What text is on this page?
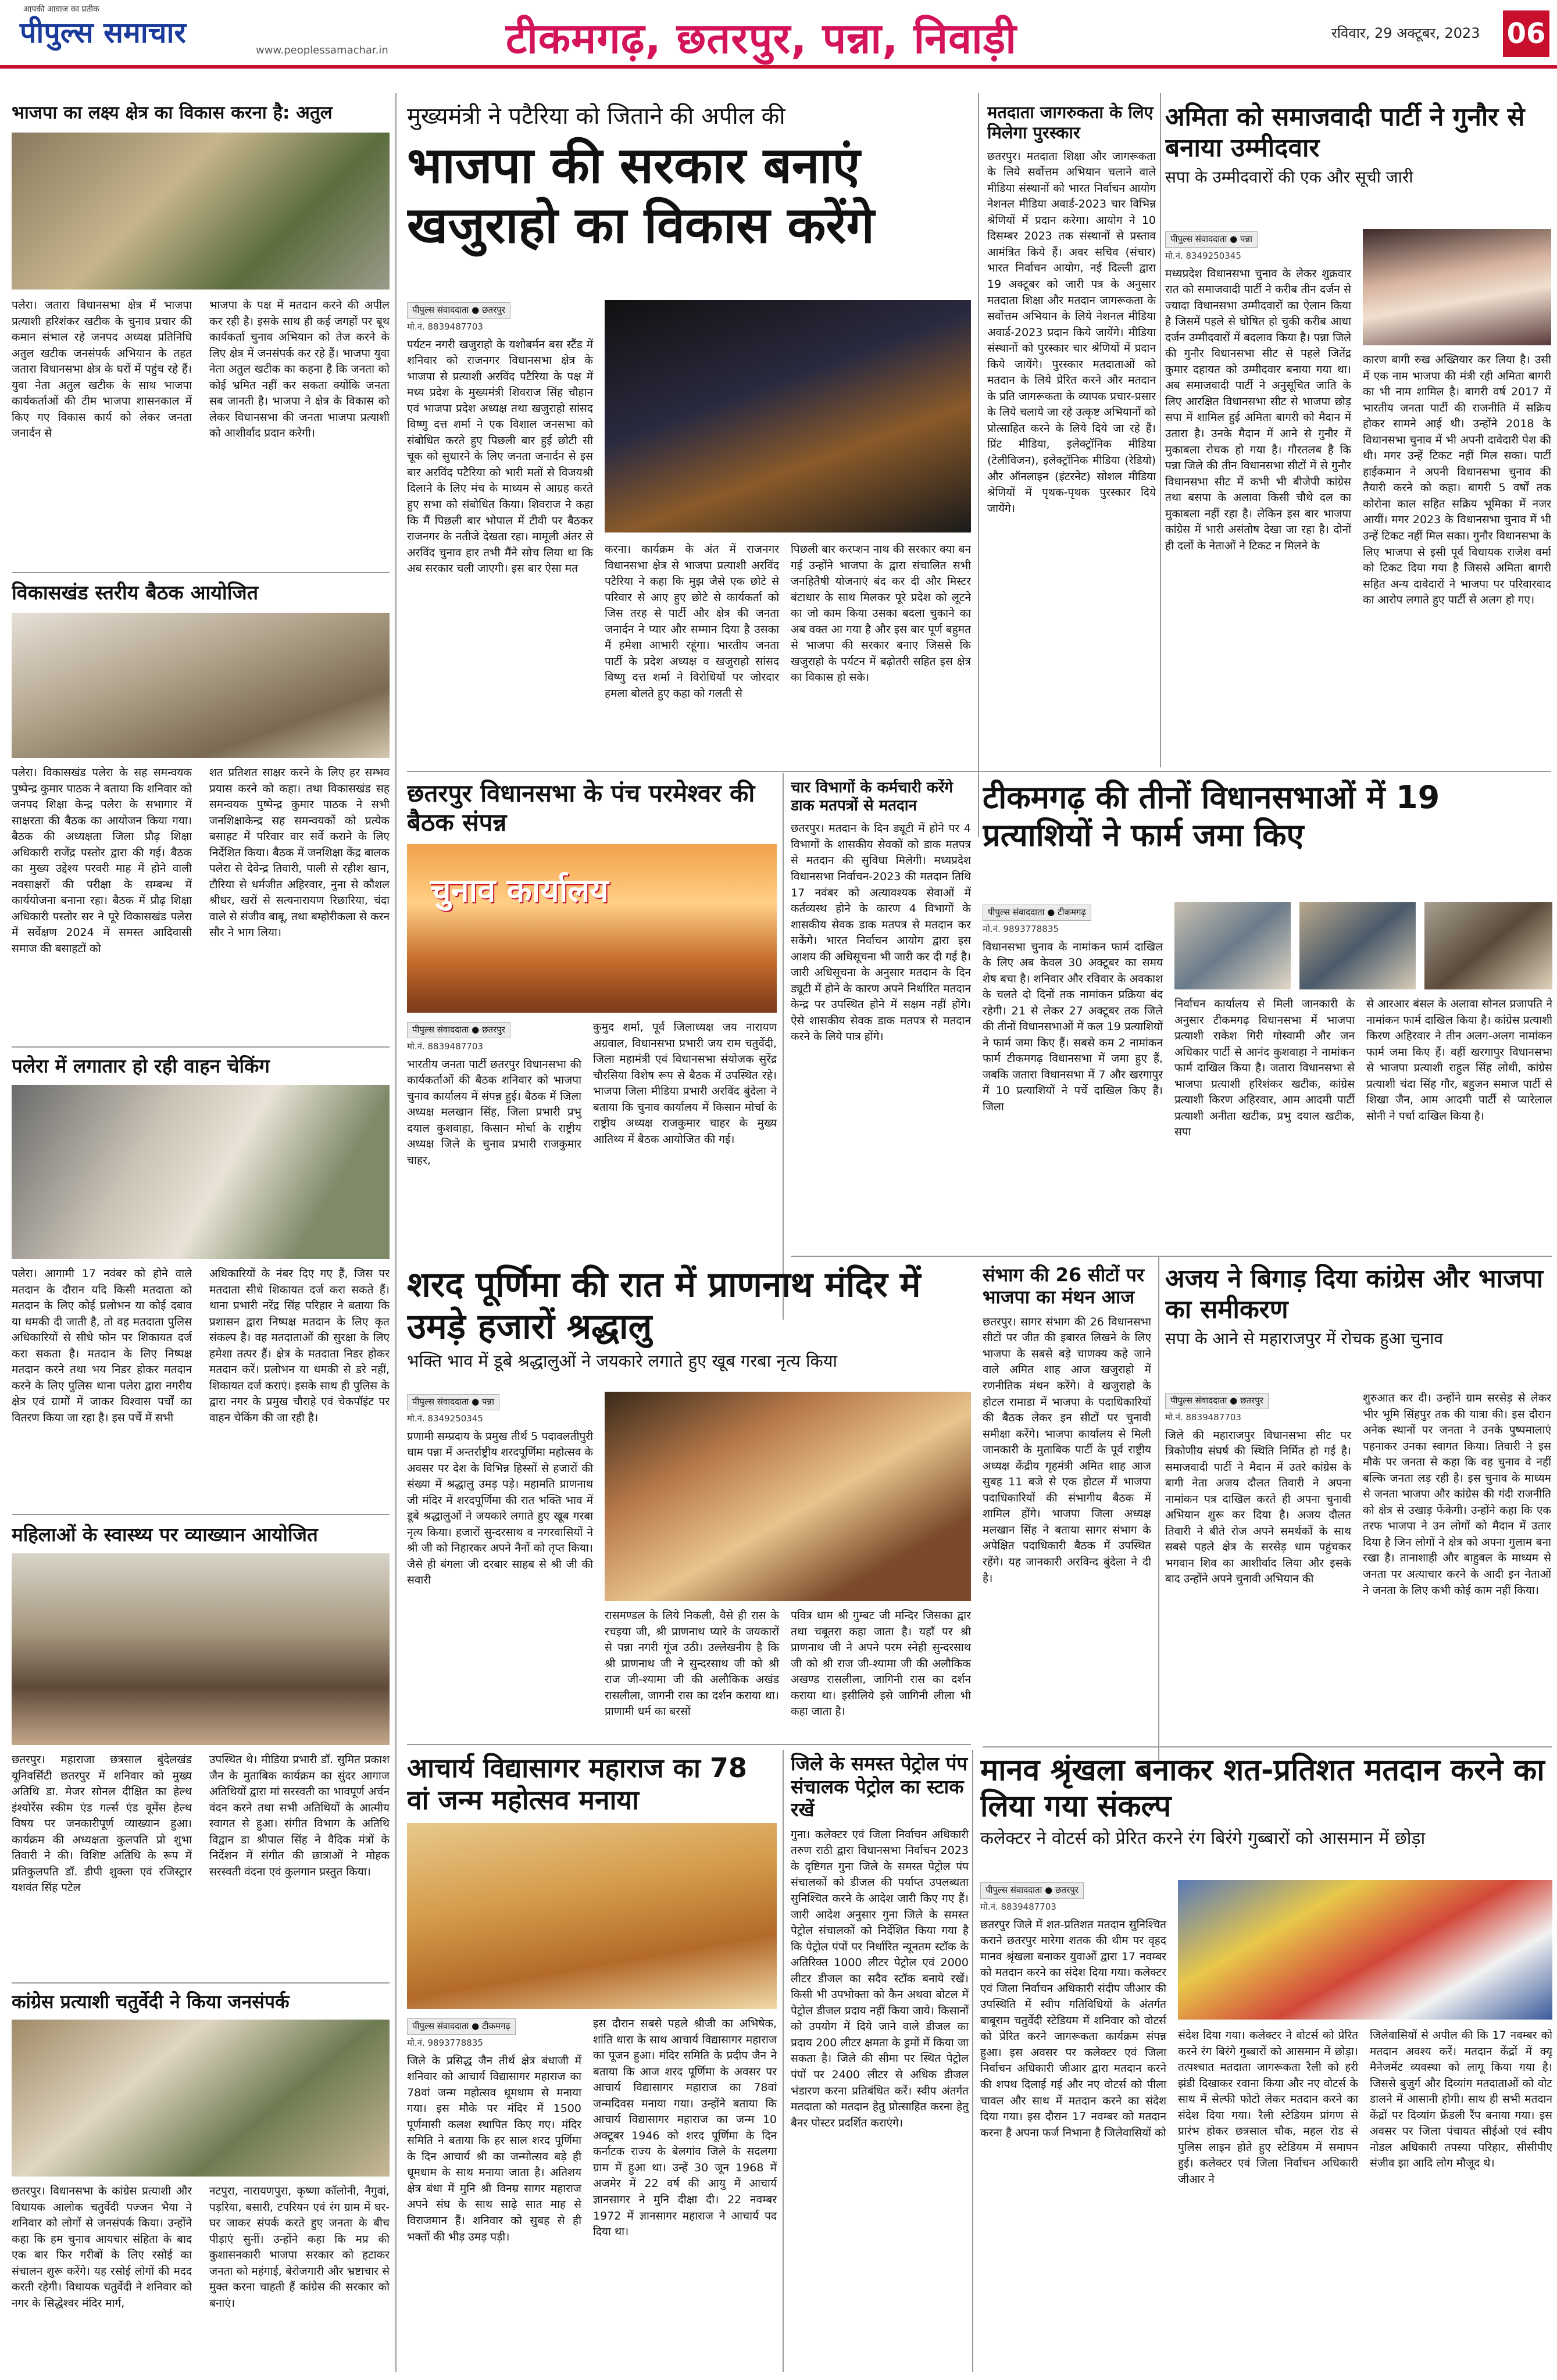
आपकी आवाज का प्रतीक
पीपुल्स समाचार
www.peoplessamachar.in	टीकमगढ़, छतरपुर, पन्ना, निवाड़ी	रविवार, 29 अक्टूबर, 2023 06
भाजपा का लक्ष्य क्षेत्र का विकास करना है: अतुल
पलेरा। जतारा विधानसभा क्षेत्र में भाजपा प्रत्याशी हरिशंकर खटीक के चुनाव प्रचार की कमान संभाल रहे जनपद अध्यक्ष प्रतिनिधि अतुल खटीक जनसंपर्क अभियान के तहत जतारा विधानसभा क्षेत्र के घरों में पहुंच रहे हैं। युवा नेता अतुल खटीक के साथ भाजपा कार्यकर्ताओं की टीम भाजपा शासनकाल में किए गए विकास कार्य को लेकर जनता जनार्दन से
भाजपा के पक्ष में मतदान करने की अपील कर रही है। इसके साथ ही कई जगहों पर बूथ कार्यकर्ता चुनाव अभियान को तेज करने के लिए क्षेत्र में जनसंपर्क कर रहे हैं। भाजपा युवा नेता अतुल खटीक का कहना है कि जनता को कोई भ्रमित नहीं कर सकता क्योंकि जनता सब जानती है। भाजपा ने क्षेत्र के विकास को लेकर विधानसभा की जनता भाजपा प्रत्याशी को आशीर्वाद प्रदान करेगी।
विकासखंड स्तरीय बैठक आयोजित
पलेरा। विकासखंड पलेरा के सह समन्वयक पुष्पेन्द्र कुमार पाठक ने बताया कि शनिवार को जनपद शिक्षा केन्द्र पलेरा के सभागार में साक्षरता की बैठक का आयोजन किया गया। बैठक की अध्यक्षता जिला प्रौढ़ शिक्षा अधिकारी राजेंद्र पस्तोर द्वारा की गई। बैठक का मुख्य उद्देश्य परवरी माह में होने वाली नवसाक्षरों की परीक्षा के सम्बन्ध में कार्ययोजना बनाना रहा। बैठक में प्रौढ़ शिक्षा अधिकारी पस्तोर सर ने पूरे विकासखंड पलेरा में सर्वेक्षण 2024 में समस्त आदिवासी समाज की बसाहटों को
शत प्रतिशत साक्षर करने के लिए हर सम्भव प्रयास करने को कहा। तथा विकासखंड सह समन्वयक पुष्पेन्द्र कुमार पाठक ने सभी जनशिक्षाकेन्द्र सह समन्वयकों को प्रत्येक बसाहट में परिवार वार सर्वे कराने के लिए निर्देशित किया। बैठक में जनशिक्षा केंद्र बालक पलेरा से देवेन्द्र तिवारी, पाली से रहीश खान, टौरिया से धर्मजीत अहिरवार, नुना से कौशल श्रीधर, खरों से सत्यनारायण रिछारिया, चंदा वाले से संजीव बाबू, तथा बम्होरीकला से करन सौर ने भाग लिया।
पलेरा में लगातार हो रही वाहन चेकिंग
पलेरा। आगामी 17 नवंबर को होने वाले मतदान के दौरान यदि किसी मतदाता को मतदान के लिए कोई प्रलोभन या कोई दबाव या धमकी दी जाती है, तो वह मतदाता पुलिस अधिकारियों से सीधे फोन पर शिकायत दर्ज करा सकता है। मतदान के लिए निष्पक्ष मतदान करने तथा भय निडर होकर मतदान करने के लिए पुलिस थाना पलेरा द्वारा नगरीय क्षेत्र एवं ग्रामों में जाकर विश्वास पर्चों का वितरण किया जा रहा है। इस पर्चे में सभी
अधिकारियों के नंबर दिए गए हैं, जिस पर मतदाता सीधे शिकायत दर्ज करा सकते हैं। थाना प्रभारी नरेंद्र सिंह परिहार ने बताया कि प्रशासन द्वारा निष्पक्ष मतदान के लिए कृत संकल्प है। वह मतदाताओं की सुरक्षा के लिए हमेशा तत्पर हैं। क्षेत्र के मतदाता निडर होकर मतदान करें। प्रलोभन या धमकी से डरे नहीं, शिकायत दर्ज कराएं। इसके साथ ही पुलिस के द्वारा नगर के प्रमुख चौराहे एवं चेकपॉइंट पर वाहन चेकिंग की जा रही है।
महिलाओं के स्वास्थ्य पर व्याख्यान आयोजित
छतरपुर। महाराजा छत्रसाल बुंदेलखंड यूनिवर्सिटी छतरपुर में शनिवार को मुख्य अतिथि डा. मेजर सोनल दीक्षित का हेल्थ इंश्योरेंस स्कीम एंड गर्ल्स एंड वूमेंस हेल्थ विषय पर जनकारीपूर्ण व्याख्यान हुआ। कार्यक्रम की अध्यक्षता कुलपति प्रो शुभा तिवारी ने की। विशिष्ट अतिथि के रूप में प्रतिकुलपति डॉ. डीपी शुक्ला एवं रजिस्ट्रार यशवंत सिंह पटेल
उपस्थित थे। मीडिया प्रभारी डॉ. सुमित प्रकाश जैन के मुताबिक कार्यक्रम का सुंदर आगाज अतिथियों द्वारा मां सरस्वती का भावपूर्ण अर्चन वंदन करने तथा सभी अतिथियों के आत्मीय स्वागत से हुआ। संगीत विभाग के अतिथि विद्वान डा श्रीपाल सिंह ने वैदिक मंत्रों के निर्देशन में संगीत की छात्राओं ने मोहक सरस्वती वंदना एवं कुलगान प्रस्तुत किया।
कांग्रेस प्रत्याशी चतुर्वेदी ने किया जनसंपर्क
छतरपुर। विधानसभा के कांग्रेस प्रत्याशी और विधायक आलोक चतुर्वेदी पज्जन भैया ने शनिवार को लोगों से जनसंपर्क किया। उन्होंने कहा कि हम चुनाव आयचार संहिता के बाद एक बार फिर गरीबों के लिए रसोई का संचालन शुरू करेंगे। यह रसोई लोगों की मदद करती रहेगी। विधायक चतुर्वेदी ने शनिवार को नगर के सिद्धेश्वर मंदिर मार्ग,
नटपुरा, नारायणपुरा, कृष्णा कॉलोनी, नैगुवां, पड़रिया, बसारी, टपरियन एवं रंग ग्राम में घर-घर जाकर संपर्क करते हुए जनता के बीच पीड़ाएं सुनीं। उन्होंने कहा कि मप्र की कुशासनकारी भाजपा सरकार को हटाकर जनता को महंगाई, बेरोजगारी और भ्रष्टाचार से मुक्त करना चाहती हैं कांग्रेस की सरकार को बनाएं।
मुख्यमंत्री ने पटैरिया को जिताने की अपील की
भाजपा की सरकार बनाएं खजुराहो का विकास करेंगे
पीपुल्स संवाददाता ● छतरपुर
मो.नं. 8839487703
पर्यटन नगरी खजुराहो के यशोबर्मन बस स्टैंड में शनिवार को राजनगर विधानसभा क्षेत्र के भाजपा से प्रत्याशी अरविंद पटैरिया के पक्ष में मध्य प्रदेश के मुख्यमंत्री शिवराज सिंह चौहान एवं भाजपा प्रदेश अध्यक्ष तथा खजुराहो सांसद विष्णु दत्त शर्मा ने एक विशाल जनसभा को संबोधित करते हुए पिछली बार हुई छोटी सी चूक को सुधारने के लिए जनता जनार्दन से इस बार अरविंद पटैरिया को भारी मतों से विजयश्री दिलाने के लिए मंच के माध्यम से आग्रह करते हुए सभा को संबोधित किया। शिवराज ने कहा कि मैं पिछली बार भोपाल में टीवी पर बैठकर राजनगर के नतीजे देखता रहा। मामूली अंतर से अरविंद चुनाव हार तभी मैंने सोच लिया था कि अब सरकार चली जाएगी। इस बार ऐसा मत
करना। कार्यक्रम के अंत में राजनगर विधानसभा क्षेत्र से भाजपा प्रत्याशी अरविंद पटैरिया ने कहा कि मुझ जैसे एक छोटे से परिवार से आए हुए छोटे से कार्यकर्ता को जिस तरह से पार्टी और क्षेत्र की जनता जनार्दन ने प्यार और सम्मान दिया है उसका मैं हमेशा आभारी रहूंगा। भारतीय जनता पार्टी के प्रदेश अध्यक्ष व खजुराहो सांसद विष्णु दत्त शर्मा ने विरोधियों पर जोरदार हमला बोलते हुए कहा को गलती से
पिछली बार करप्शन नाथ की सरकार क्या बन गई उन्होंने भाजपा के द्वारा संचालित सभी जनहितैषी योजनाएं बंद कर दी और मिस्टर बंटाधार के साथ मिलकर पूरे प्रदेश को लूटने का जो काम किया उसका बदला चुकाने का अब वक्त आ गया है और इस बार पूर्ण बहुमत से भाजपा की सरकार बनाए जिससे कि खजुराहो के पर्यटन में बढ़ोतरी सहित इस क्षेत्र का विकास हो सके।
छतरपुर विधानसभा के पंच परमेश्वर की बैठक संपन्न
चुनाव कार्यालय
पीपुल्स संवाददाता ● छतरपुर
मो.नं. 8839487703
भारतीय जनता पार्टी छतरपुर विधानसभा की कार्यकर्ताओं की बैठक शनिवार को भाजपा चुनाव कार्यालय में संपन्न हुई। बैठक में जिला अध्यक्ष मलखान सिंह, जिला प्रभारी प्रभु दयाल कुशवाहा, किसान मोर्चा के राष्ट्रीय अध्यक्ष जिले के चुनाव प्रभारी राजकुमार चाहर,
कुमुद शर्मा, पूर्व जिलाध्यक्ष जय नारायण अग्रवाल, विधानसभा प्रभारी जय राम चतुर्वेदी, जिला महामंत्री एवं विधानसभा संयोजक सुरेंद्र चौरसिया विशेष रूप से बैठक में उपस्थित रहे। भाजपा जिला मीडिया प्रभारी अरविंद बुंदेला ने बताया कि चुनाव कार्यालय में किसान मोर्चा के राष्ट्रीय अध्यक्ष राजकुमार चाहर के मुख्य आतिथ्य में बैठक आयोजित की गई।
शरद पूर्णिमा की रात में प्राणनाथ मंदिर में उमड़े हजारों श्रद्धालु
भक्ति भाव में डूबे श्रद्धालुओं ने जयकारे लगाते हुए खूब गरबा नृत्य किया
पीपुल्स संवाददाता ● पन्ना
मो.नं. 8349250345
प्रणामी सम्प्रदाय के प्रमुख तीर्थ 5 पदावलतीपुरी धाम पन्ना में अन्तर्राष्ट्रीय शरदपूर्णिमा महोत्सव के अवसर पर देश के विभिन्न हिस्सों से हजारों की संख्या में श्रद्धालु उमड़ पड़े। महामति प्राणनाथ जी मंदिर में शरदपूर्णिमा की रात भक्ति भाव में डूबे श्रद्धालुओं ने जयकारे लगाते हुए खूब गरबा नृत्य किया। हजारों सुन्दरसाथ व नगरवासियों ने श्री जी को निहारकर अपने नैनों को तृप्त किया। जैसे ही बंगला जी दरबार साहब से श्री जी की सवारी
रासमण्डल के लिये निकली, वैसे ही रास के रचइया जी, श्री प्राणनाथ प्यारे के जयकारों से पन्ना नगरी गूंज उठी। उल्लेखनीय है कि श्री प्राणनाथ जी ने सुन्दरसाथ जी को श्री राज जी-श्यामा जी की अलौकिक अखंड रासलीला, जागनी रास का दर्शन कराया था। प्राणामी धर्म का बरसों
पवित्र धाम श्री गुम्बट जी मन्दिर जिसका द्वार तथा चबूतरा कहा जाता है। यहाँ पर श्री प्राणनाथ जी ने अपने परम स्नेही सुन्दरसाथ जी को श्री राज जी-श्यामा जी की अलौकिक अखण्ड रासलीला, जागिनी रास का दर्शन कराया था। इसीलिये इसे जागिनी लीला भी कहा जाता है।
आचार्य विद्यासागर महाराज का 78 वां जन्म महोत्सव मनाया
पीपुल्स संवाददाता ● टीकमगढ़
मो.नं. 9893778835
जिले के प्रसिद्ध जैन तीर्थ क्षेत्र बंधाजी में शनिवार को आचार्य विद्यासागर महाराज का 78वां जन्म महोत्सव धूमधाम से मनाया गया। इस मौके पर मंदिर में 1500 पूर्णमासी कलश स्थापित किए गए। मंदिर समिति ने बताया कि हर साल शरद पूर्णिमा के दिन आचार्य श्री का जन्मोत्सव बड़े ही धूमधाम के साथ मनाया जाता है। अतिशय क्षेत्र बंधा में मुनि श्री विनम्र सागर महाराज अपने संघ के साथ साढ़े सात माह से विराजमान हैं। शनिवार को सुबह से ही भक्तों की भीड़ उमड़ पड़ी।
इस दौरान सबसे पहले श्रीजी का अभिषेक, शांति धारा के साथ आचार्य विद्यासागर महाराज का पूजन हुआ। मंदिर समिति के प्रदीप जैन ने बताया कि आज शरद पूर्णिमा के अवसर पर आचार्य विद्यासागर महाराज का 78वां जन्मदिवस मनाया गया। उन्होंने बताया कि आचार्य विद्यासागर महाराज का जन्म 10 अक्टूबर 1946 को शरद पूर्णिमा के दिन कर्नाटक राज्य के बेलगांव जिले के सदलगा ग्राम में हुआ था। उन्हें 30 जून 1968 में अजमेर में 22 वर्ष की आयु में आचार्य ज्ञानसागर ने मुनि दीक्षा दी। 22 नवम्बर 1972 में ज्ञानसागर महाराज ने आचार्य पद दिया था।
मतदाता जागरुकता के लिए मिलेगा पुरस्कार
छतरपुर। मतदाता शिक्षा और जागरूकता के लिये सर्वोत्तम अभियान चलाने वाले मीडिया संस्थानों को भारत निर्वाचन आयोग नेशनल मीडिया अवार्ड-2023 चार विभिन्न श्रेणियों में प्रदान करेगा। आयोग ने 10 दिसम्बर 2023 तक संस्थानों से प्रस्ताव आमंत्रित किये हैं। अवर सचिव (संचार) भारत निर्वाचन आयोग, नई दिल्ली द्वारा 19 अक्टूबर को जारी पत्र के अनुसार मतदाता शिक्षा और मतदान जागरूकता के सर्वोत्तम अभियान के लिये नेशनल मीडिया अवार्ड-2023 प्रदान किये जायेंगे। मीडिया संस्थानों को पुरस्कार चार श्रेणियों में प्रदान किये जायेंगे। पुरस्कार मतदाताओं को मतदान के लिये प्रेरित करने और मतदान के प्रति जागरूकता के व्यापक प्रचार-प्रसार के लिये चलाये जा रहे उत्कृष्ट अभियानों को प्रोत्साहित करने के लिये दिये जा रहे हैं। प्रिंट मीडिया, इलेक्ट्रॉनिक मीडिया (टेलीविजन), इलेक्ट्रॉनिक मीडिया (रेडियो) और ऑनलाइन (इंटरनेट) सोशल मीडिया श्रेणियों में पृथक-पृथक पुरस्कार दिये जायेंगे।
चार विभागों के कर्मचारी करेंगे डाक मतपत्रों से मतदान
छतरपुर। मतदान के दिन ड्यूटी में होने पर 4 विभागों के शासकीय सेवकों को डाक मतपत्र से मतदान की सुविधा मिलेगी। मध्यप्रदेश विधानसभा निर्वाचन-2023 की मतदान तिथि 17 नवंबर को अत्यावश्यक सेवाओं में कर्तव्यस्थ होने के कारण 4 विभागों के शासकीय सेवक डाक मतपत्र से मतदान कर सकेंगे। भारत निर्वाचन आयोग द्वारा इस आशय की अधिसूचना भी जारी कर दी गई है। जारी अधिसूचना के अनुसार मतदान के दिन ड्यूटी में होने के कारण अपने निर्धारित मतदान केन्द्र पर उपस्थित होने में सक्षम नहीं होंगे। ऐसे शासकीय सेवक डाक मतपत्र से मतदान करने के लिये पात्र होंगे।
टीकमगढ़ की तीनों विधानसभाओं में 19 प्रत्याशियों ने फार्म जमा किए
पीपुल्स संवाददाता ● टीकमगढ़
मो.नं. 9893778835
विधानसभा चुनाव के नामांकन फार्म दाखिल के लिए अब केवल 30 अक्टूबर का समय शेष बचा है। शनिवार और रविवार के अवकाश के चलते दो दिनों तक नामांकन प्रक्रिया बंद रहेगी। 21 से लेकर 27 अक्टूबर तक जिले की तीनों विधानसभाओं में कल 19 प्रत्याशियों ने फार्म जमा किए हैं। सबसे कम 2 नामांकन फार्म टीकमगढ़ विधानसभा में जमा हुए हैं, जबकि जतारा विधानसभा में 7 और खरगापुर में 10 प्रत्याशियों ने पर्चे दाखिल किए हैं। जिला
निर्वाचन कार्यालय से मिली जानकारी के अनुसार टीकमगढ़ विधानसभा में भाजपा प्रत्याशी राकेश गिरी गोस्वामी और जन अधिकार पार्टी से आनंद कुशवाहा ने नामांकन फार्म दाखिल किया है। जतारा विधानसभा से भाजपा प्रत्याशी हरिशंकर खटीक, कांग्रेस प्रत्याशी किरण अहिरवार, आम आदमी पार्टी प्रत्याशी अनीता खटीक, प्रभु दयाल खटीक, सपा
से आरआर बंसल के अलावा सोनल प्रजापति ने नामांकन फार्म दाखिल किया है। कांग्रेस प्रत्याशी किरण अहिरवार ने तीन अलग-अलग नामांकन फार्म जमा किए हैं। वहीं खरगापुर विधानसभा से भाजपा प्रत्याशी राहुल सिंह लोधी, कांग्रेस प्रत्याशी चंदा सिंह गौर, बहुजन समाज पार्टी से शिखा जैन, आम आदमी पार्टी से प्यारेलाल सोनी ने पर्चा दाखिल किया है।
संभाग की 26 सीटों पर भाजपा का मंथन आज
छतरपुर। सागर संभाग की 26 विधानसभा सीटों पर जीत की इबारत लिखने के लिए भाजपा के सबसे बड़े चाणक्य कहे जाने वाले अमित शाह आज खजुराहो में रणनीतिक मंथन करेंगे। वे खजुराहो के होटल रामाडा में भाजपा के पदाधिकारियों की बैठक लेकर इन सीटों पर चुनावी समीक्षा करेंगे। भाजपा कार्यालय से मिली जानकारी के मुताबिक पार्टी के पूर्व राष्ट्रीय अध्यक्ष केंद्रीय गृहमंत्री अमित शाह आज सुबह 11 बजे से एक होटल में भाजपा पदाधिकारियों की संभागीय बैठक में शामिल होंगे। भाजपा जिला अध्यक्ष मलखान सिंह ने बताया सागर संभाग के अपेक्षित पदाधिकारी बैठक में उपस्थित रहेंगे। यह जानकारी अरविन्द बुंदेला ने दी है।
जिले के समस्त पेट्रोल पंप संचालक पेट्रोल का स्टाक रखें
गुना। कलेक्टर एवं जिला निर्वाचन अधिकारी तरुण राठी द्वारा विधानसभा निर्वाचन 2023 के दृष्टिगत गुना जिले के समस्त पेट्रोल पंप संचालकों को डीजल की पर्याप्त उपलब्धता सुनिश्चित करने के आदेश जारी किए गए हैं। जारी आदेश अनुसार गुना जिले के समस्त पेट्रोल संचालकों को निर्देशित किया गया है कि पेट्रोल पंपों पर निर्धारित न्यूनतम स्टॉक के अतिरिक्त 1000 लीटर पेट्रोल एवं 2000 लीटर डीजल का सदैव स्टॉक बनाये रखें। किसी भी उपभोक्ता को कैन अथवा बोटल में पेट्रोल डीजल प्रदाय नहीं किया जाये। किसानों को उपयोग में दिये जाने वाले डीजल का प्रदाय 200 लीटर क्षमता के ड्रमों में किया जा सकता है। जिले की सीमा पर स्थित पेट्रोल पंपों पर 2400 लीटर से अधिक डीजल भंडारण करना प्रतिबंधित करें। स्वीप अंतर्गत मतदाता को मतदान हेतु प्रोत्साहित करना हेतु बैनर पोस्टर प्रदर्शित कराएंगे।
अमिता को समाजवादी पार्टी ने गुनौर से बनाया उम्मीदवार
सपा के उम्मीदवारों की एक और सूची जारी
पीपुल्स संवाददाता ● पन्ना
मो.नं. 8349250345
मध्यप्रदेश विधानसभा चुनाव के लेकर शुक्रवार रात को समाजवादी पार्टी ने करीब तीन दर्जन से ज्यादा विधानसभा उम्मीदवारों का ऐलान किया है जिसमें पहले से घोषित हो चुकी करीब आधा दर्जन उम्मीदवारों में बदलाव किया है। पन्ना जिले की गुनौर विधानसभा सीट से पहले जितेंद्र कुमार दहायत को उम्मीदवार बनाया गया था। अब समाजवादी पार्टी ने अनुसूचित जाति के लिए आरक्षित विधानसभा सीट से भाजपा छोड़ सपा में शामिल हुई अमिता बागरी को मैदान में उतारा है। उनके मैदान में आने से गुनौर में मुकाबला रोचक हो गया है। गौरतलब है कि पन्ना जिले की तीन विधानसभा सीटों में से गुनौर विधानसभा सीट में कभी भी बीजेपी कांग्रेस तथा बसपा के अलावा किसी चौथे दल का मुकाबला नहीं रहा है। लेकिन इस बार भाजपा कांग्रेस में भारी असंतोष देखा जा रहा है। दोनों ही दलों के नेताओं ने टिकट न मिलने के
कारण बागी रुख अख्तियार कर लिया है। उसी में एक नाम भाजपा की मंत्री रही अमिता बागरी का भी नाम शामिल है। बागरी वर्ष 2017 में भारतीय जनता पार्टी की राजनीति में सक्रिय होकर सामने आई थी। उन्होंने 2018 के विधानसभा चुनाव में भी अपनी दावेदारी पेश की थी। मगर उन्हें टिकट नहीं मिल सका। पार्टी हाईकमान ने अपनी विधानसभा चुनाव की तैयारी करने को कहा। बागरी 5 वर्षों तक कोरोना काल सहित सक्रिय भूमिका में नजर आयीं। मगर 2023 के विधानसभा चुनाव में भी उन्हें टिकट नहीं मिल सका। गुनौर विधानसभा के लिए भाजपा से इसी पूर्व विधायक राजेश वर्मा को टिकट दिया गया है जिससे अमिता बागरी सहित अन्य दावेदारों ने भाजपा पर परिवारवाद का आरोप लगाते हुए पार्टी से अलग हो गए।
अजय ने बिगाड़ दिया कांग्रेस और भाजपा का समीकरण
सपा के आने से महाराजपुर में रोचक हुआ चुनाव
पीपुल्स संवाददाता ● छतरपुर
मो.नं. 8839487703
जिले की महाराजपुर विधानसभा सीट पर त्रिकोणीय संघर्ष की स्थिति निर्मित हो गई है। समाजवादी पार्टी ने मैदान में उतरे कांग्रेस के बागी नेता अजय दौलत तिवारी ने अपना नामांकन पत्र दाखिल करते ही अपना चुनावी अभियान शुरू कर दिया है। अजय दौलत तिवारी ने बीते रोज अपने समर्थकों के साथ सबसे पहले क्षेत्र के सरसेड़ धाम पहुंचकर भगवान शिव का आशीर्वाद लिया और इसके बाद उन्होंने अपने चुनावी अभियान की
शुरुआत कर दी। उन्होंने ग्राम सरसेड़ से लेकर भीर भूमि सिंहपुर तक की यात्रा की। इस दौरान अनेक स्थानों पर जनता ने उनके पुष्पमालाएं पहनाकर उनका स्वागत किया। तिवारी ने इस मौके पर जनता से कहा कि वह चुनाव वे नहीं बल्कि जनता लड़ रही है। इस चुनाव के माध्यम से जनता भाजपा और कांग्रेस की गंदी राजनीति को क्षेत्र से उखाड़ फेंकेगी। उन्होंने कहा कि एक तरफ भाजपा ने उन लोगों को मैदान में उतार दिया है जिन लोगों ने क्षेत्र को अपना गुलाम बना रखा है। तानाशाही और बाहुबल के माध्यम से जनता पर अत्याचार करने के आदी इन नेताओं ने जनता के लिए कभी कोई काम नहीं किया।
मानव श्रृंखला बनाकर शत-प्रतिशत मतदान करने का लिया गया संकल्प
कलेक्टर ने वोटर्स को प्रेरित करने रंग बिरंगे गुब्बारों को आसमान में छोड़ा
पीपुल्स संवाददाता ● छतरपुर
मो.नं. 8839487703
छतरपुर जिले में शत-प्रतिशत मतदान सुनिश्चित कराने छतरपुर मारेगा शतक की थीम पर वृहद मानव श्रृंखला बनाकर युवाओं द्वारा 17 नवम्बर को मतदान करने का संदेश दिया गया। कलेक्टर एवं जिला निर्वाचन अधिकारी संदीप जीआर की उपस्थिति में स्वीप गतिविधियों के अंतर्गत बाबूराम चतुर्वेदी स्टेडियम में शनिवार को वोटर्स को प्रेरित करने जागरूकता कार्यक्रम संपन्न हुआ। इस अवसर पर कलेक्टर एवं जिला निर्वाचन अधिकारी जीआर द्वारा मतदान करने की शपथ दिलाई गई और नए वोटर्स को पीला चावल और साथ में मतदान करने का संदेश दिया गया। इस दौरान 17 नवम्बर को मतदान करना है अपना फर्ज निभाना है जिलेवासियों को
संदेश दिया गया। कलेक्टर ने वोटर्स को प्रेरित करने रंग बिरंगे गुब्बारों को आसमान में छोड़ा। तत्पश्चात मतदाता जागरूकता रैली को हरी झंडी दिखाकर रवाना किया और नए वोटर्स के साथ में सेल्फी फोटो लेकर मतदान करने का संदेश दिया गया। रैली स्टेडियम प्रांगण से प्रारंभ होकर छत्रसाल चौक, महल रोड से पुलिस लाइन होते हुए स्टेडियम में समापन हुई। कलेक्टर एवं जिला निर्वाचन अधिकारी जीआर ने
जिलेवासियों से अपील की कि 17 नवम्बर को मतदान अवश्य करें। मतदान केंद्रों में क्यू मैनेजमेंट व्यवस्था को लागू किया गया है। जिससे बुजुर्ग और दिव्यांग मतदाताओं को वोट डालने में आसानी होगी। साथ ही सभी मतदान केंद्रों पर दिव्यांग फ्रेंडली रैंप बनाया गया। इस अवसर पर जिला पंचायत सीईओ एवं स्वीप नोडल अधिकारी तपस्या परिहार, सीसीपीए संजीव झा आदि लोग मौजूद थे।
